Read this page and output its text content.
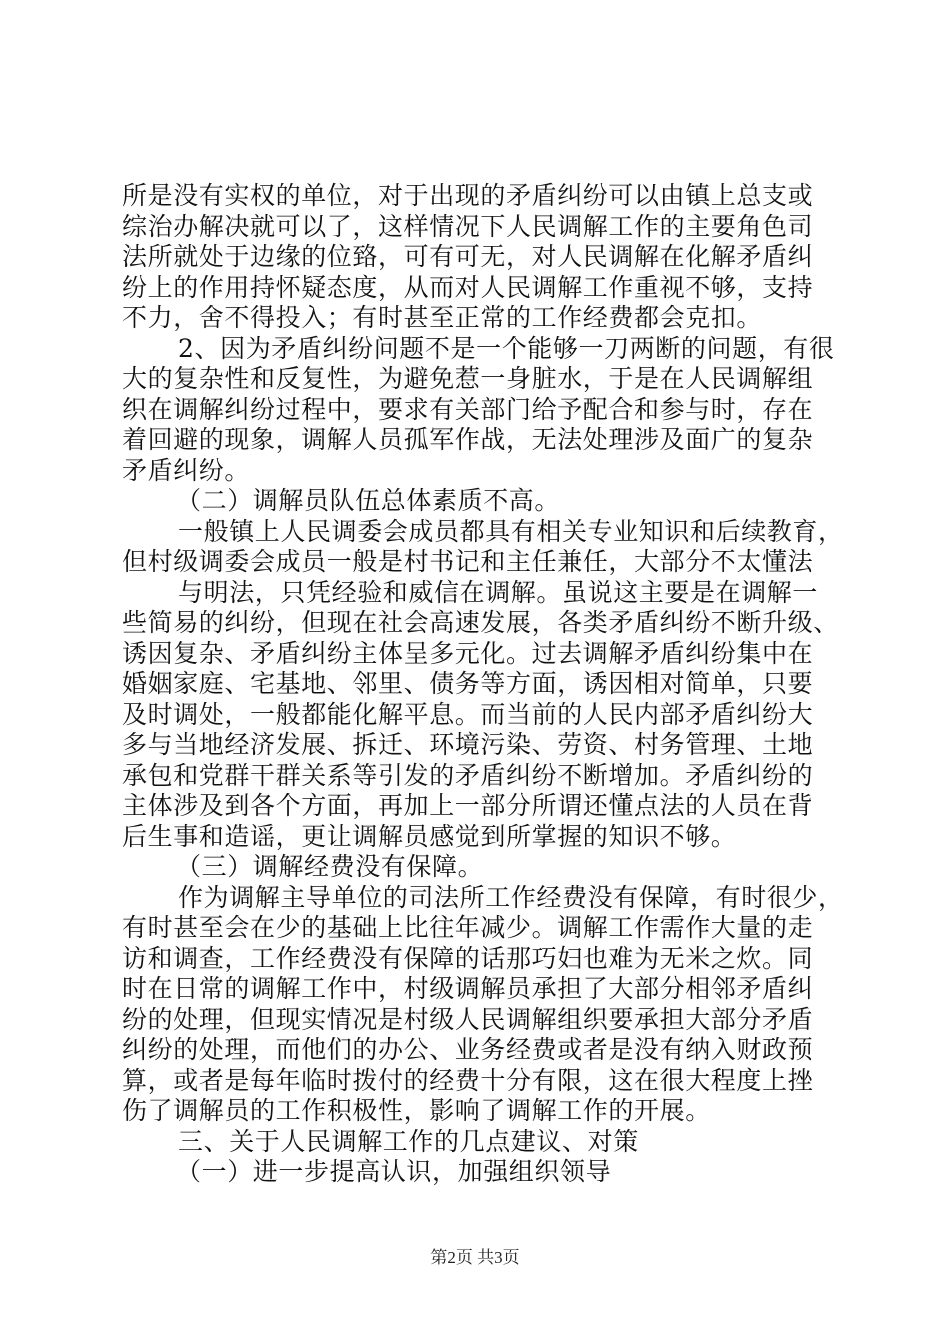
所是没有实权的单位，对于出现的矛盾纠纷可以由镇上总支或
综治办解决就可以了，这样情况下人民调解工作的主要角色司
法所就处于边缘的位臵，可有可无，对人民调解在化解矛盾纠
纷上的作用持怀疑态度，从而对人民调解工作重视不够，支持
不力，舍不得投入；有时甚至正常的工作经费都会克扣。
2、因为矛盾纠纷问题不是一个能够一刀两断的问题，有很
大的复杂性和反复性，为避免惹一身脏水，于是在人民调解组
织在调解纠纷过程中，要求有关部门给予配合和参与时，存在
着回避的现象，调解人员孤军作战，无法处理涉及面广的复杂
矛盾纠纷。
（二）调解员队伍总体素质不高。
一般镇上人民调委会成员都具有相关专业知识和后续教育，
但村级调委会成员一般是村书记和主任兼任，大部分不太懂法
与明法，只凭经验和威信在调解。虽说这主要是在调解一
些简易的纠纷，但现在社会高速发展，各类矛盾纠纷不断升级、
诱因复杂、矛盾纠纷主体呈多元化。过去调解矛盾纠纷集中在
婚姻家庭、宅基地、邻里、债务等方面，诱因相对简单，只要
及时调处，一般都能化解平息。而当前的人民内部矛盾纠纷大
多与当地经济发展、拆迁、环境污染、劳资、村务管理、土地
承包和党群干群关系等引发的矛盾纠纷不断增加。矛盾纠纷的
主体涉及到各个方面，再加上一部分所谓还懂点法的人员在背
后生事和造谣，更让调解员感觉到所掌握的知识不够。
（三）调解经费没有保障。
作为调解主导单位的司法所工作经费没有保障，有时很少，
有时甚至会在少的基础上比往年减少。调解工作需作大量的走
访和调查，工作经费没有保障的话那巧妇也难为无米之炊。同
时在日常的调解工作中，村级调解员承担了大部分相邻矛盾纠
纷的处理，但现实情况是村级人民调解组织要承担大部分矛盾
纠纷的处理，而他们的办公、业务经费或者是没有纳入财政预
算，或者是每年临时拨付的经费十分有限，这在很大程度上挫
伤了调解员的工作积极性，影响了调解工作的开展。
三、关于人民调解工作的几点建议、对策
（一）进一步提高认识，加强组织领导
第2页 共3页
